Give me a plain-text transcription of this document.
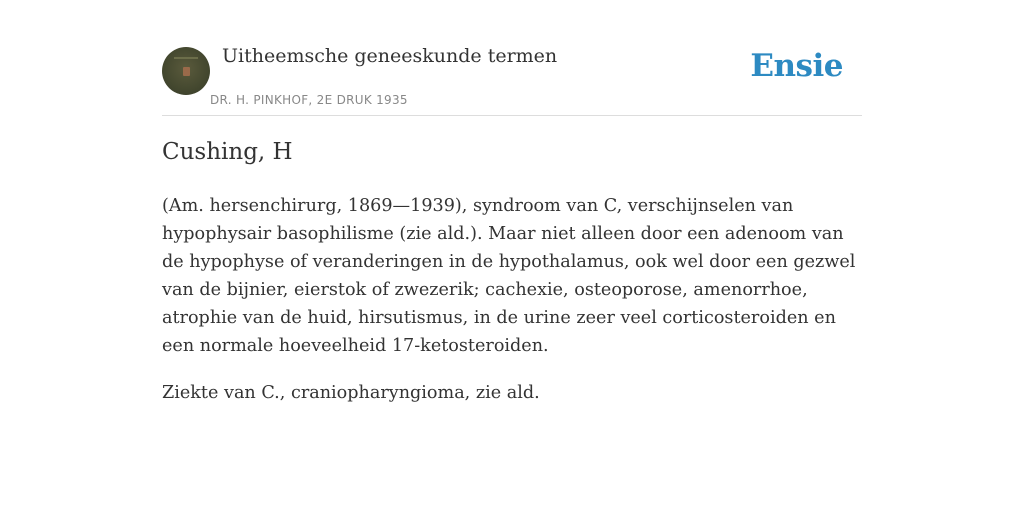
Uitheemsche geneeskunde termen
DR. H. PINKHOF, 2E DRUK 1935
Ensie
Cushing, H

(Am. hersenchirurg, 1869—1939), syndroom van C, verschijnselen van hypophysair basophilisme (zie ald.). Maar niet alleen door een adenoom van de hypophyse of veranderingen in de hypothalamus, ook wel door een gezwel van de bijnier, eierstok of zwezerik; cachexie, osteoporose, amenorrhoe, atrophie van de huid, hirsutismus, in de urine zeer veel corticosteroiden en een normale hoeveelheid 17-ketosteroiden.

Ziekte van C., craniopharyngioma, zie ald.
